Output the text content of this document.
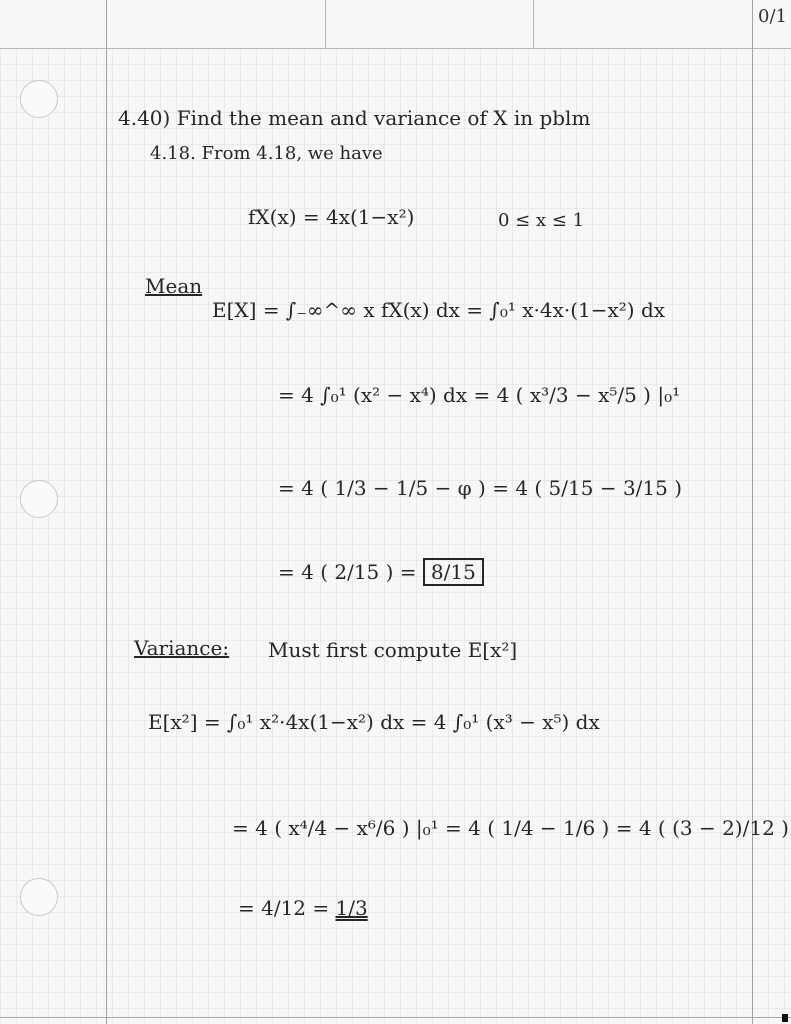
0/1
4.40) Find the mean and variance of X in pblm
4.18. From 4.18, we have
fX(x) = 4x(1−x²)	0 ≤ x ≤ 1
Mean
E[X] = ∫₋∞^∞ x fX(x) dx = ∫₀¹ x·4x·(1−x²) dx
= 4 ∫₀¹ (x² − x⁴) dx = 4 ( x³/3 − x⁵/5 ) |₀¹
= 4 ( 1/3 − 1/5 − φ ) = 4 ( 5/15 − 3/15 )
= 4 ( 2/15 ) = 8/15
Variance: Must first compute E[x²]
E[x²] = ∫₀¹ x²·4x(1−x²) dx = 4 ∫₀¹ (x³ − x⁵) dx
= 4 ( x⁴/4 − x⁶/6 ) |₀¹ = 4 ( 1/4 − 1/6 ) = 4 ( (3 − 2)/12 )
= 4/12 = 1/3
